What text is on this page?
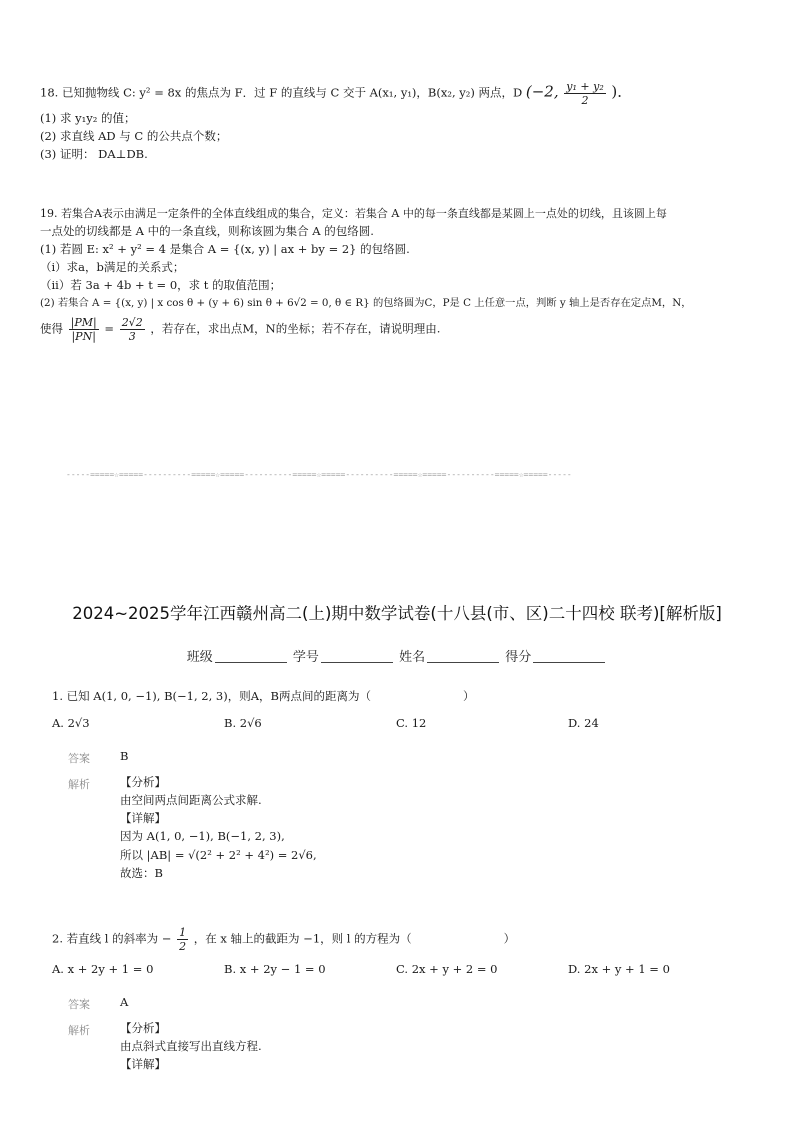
18. 已知抛物线 C: y² = 8x 的焦点为 F．过 F 的直线与 C 交于 A(x₁, y₁)，B(x₂, y₂) 两点，D (−2, $\frac{\text{y₁ + y₂}}{2}$ )．
(1) 求 y₁y₂ 的值；
(2) 求直线 AD 与 C 的公共点个数；
(3) 证明： DA⊥DB.
19. 若集合A表示由满足一定条件的全体直线组成的集合，定义：若集合 A 中的每一条直线都是某圆上一点处的切线，且该圆上每
一点处的切线都是 A 中的一条直线，则称该圆为集合 A 的包络圆.
(1) 若圆 E: x² + y² = 4 是集合 A = {(x, y) | ax + by = 2} 的包络圆.
（i）求a，b满足的关系式；
（ii）若 3a + 4b + t = 0，求 t 的取值范围；
(2) 若集合 A = {(x, y) | x cos θ + (y + 6) sin θ + 6√2 = 0, θ ∈ R} 的包络圆为C，P是 C 上任意一点，判断 y 轴上是否存在定点M，N，
使得 $\frac{|PM|}{|PN|} = \frac{2√2}{3}$ ，若存在，求出点M，N的坐标；若不存在，请说明理由.
-----=====☆=====----------=====☆=====----------=====☆=====----------=====☆=====----------=====☆=====-----
2024~2025学年江西赣州高二(上)期中数学试卷(十八县(市、区)二十四校 联考)[解析版]
班级	学号	姓名	得分
1. 已知 A(1, 0, −1), B(−1, 2, 3)，则A，B两点间的距离为（　　　　　　　　）
A. 2√3	B. 2√6	C. 12	D. 24
答案	B
解析	【分析】
由空间两点间距离公式求解.
【详解】
因为 A(1, 0, −1), B(−1, 2, 3),
所以 |AB| = √(2² + 2² + 4²) = 2√6,
故选：B
2. 若直线 l 的斜率为 − $\frac{1}{2}$ ，在 x 轴上的截距为 −1，则 l 的方程为（　　　　　　　　）
A. x + 2y + 1 = 0	B. x + 2y − 1 = 0	C. 2x + y + 2 = 0	D. 2x + y + 1 = 0
答案	A
解析	【分析】
由点斜式直接写出直线方程.
【详解】
